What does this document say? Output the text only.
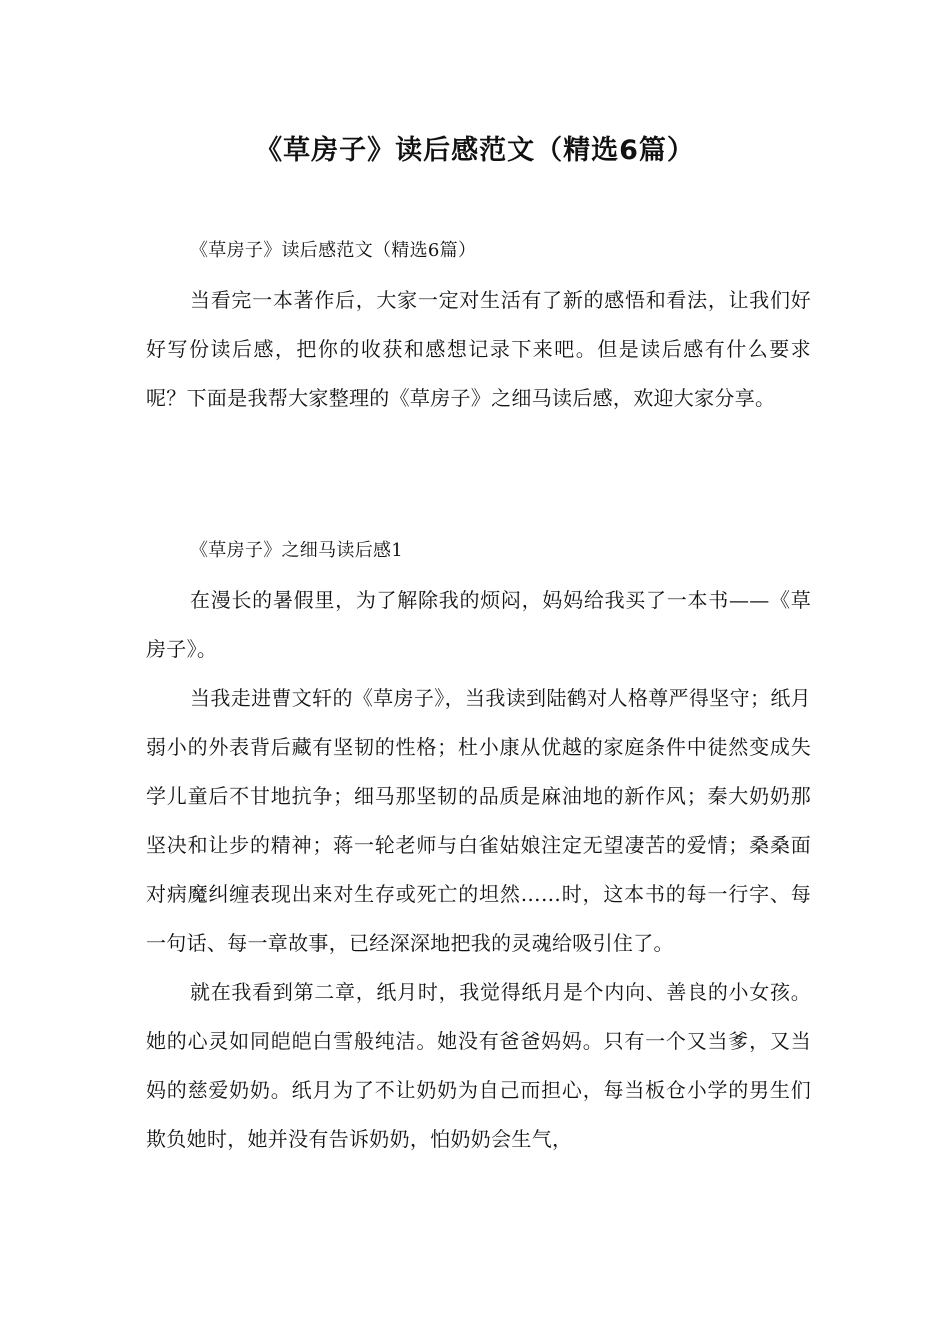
《草房子》读后感范文（精选6篇）

《草房子》读后感范文（精选6篇）

当看完一本著作后，大家一定对生活有了新的感悟和看法，让我们好好写份读后感，把你的收获和感想记录下来吧。但是读后感有什么要求呢？下面是我帮大家整理的《草房子》之细马读后感，欢迎大家分享。

《草房子》之细马读后感1

在漫长的暑假里，为了解除我的烦闷，妈妈给我买了一本书——《草房子》。

当我走进曹文轩的《草房子》，当我读到陆鹤对人格尊严得坚守；纸月弱小的外表背后藏有坚韧的性格；杜小康从优越的家庭条件中徒然变成失学儿童后不甘地抗争；细马那坚韧的品质是麻油地的新作风；秦大奶奶那坚决和让步的精神；蒋一轮老师与白雀姑娘注定无望凄苦的爱情；桑桑面对病魔纠缠表现出来对生存或死亡的坦然……时，这本书的每一行字、每一句话、每一章故事，已经深深地把我的灵魂给吸引住了。

就在我看到第二章，纸月时，我觉得纸月是个内向、善良的小女孩。她的心灵如同皑皑白雪般纯洁。她没有爸爸妈妈。只有一个又当爹，又当妈的慈爱奶奶。纸月为了不让奶奶为自己而担心，每当板仓小学的男生们欺负她时，她并没有告诉奶奶，怕奶奶会生气，
